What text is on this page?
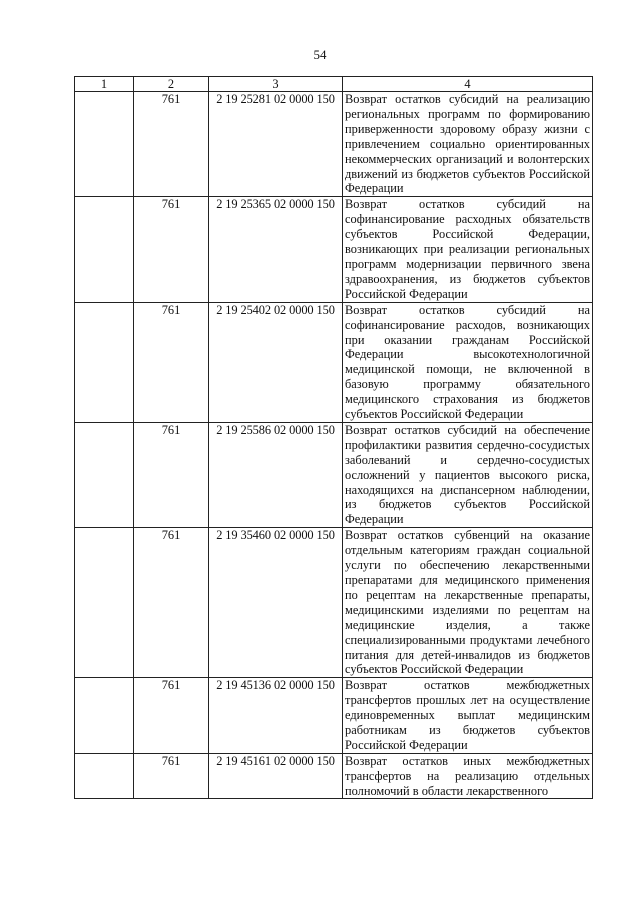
54
1	2	3	4
	761	2 19 25281 02 0000 150	Возврат остатков субсидий на реализацию региональных программ по формированию приверженности здоровому образу жизни с привлечением социально ориентированных некоммерческих организаций и волонтерских движений из бюджетов субъектов Российской Федерации

	761	2 19 25365 02 0000 150	Возврат остатков субсидий на софинансирование расходных обязательств субъектов Российской Федерации, возникающих при реализации региональных программ модернизации первичного звена здравоохранения, из бюджетов субъектов Российской Федерации

	761	2 19 25402 02 0000 150	Возврат остатков субсидий на софинансирование расходов, возникающих при оказании гражданам Российской Федерации высокотехнологичной медицинской помощи, не включенной в базовую программу обязательного медицинского страхования из бюджетов субъектов Российской Федерации

	761	2 19 25586 02 0000 150	Возврат остатков субсидий на обеспечение профилактики развития сердечно-сосудистых заболеваний и сердечно-сосудистых осложнений у пациентов высокого риска, находящихся на диспансерном наблюдении, из бюджетов субъектов Российской Федерации

	761	2 19 35460 02 0000 150	Возврат остатков субвенций на оказание отдельным категориям граждан социальной услуги по обеспечению лекарственными препаратами для медицинского применения по рецептам на лекарственные препараты, медицинскими изделиями по рецептам на медицинские изделия, а также специализированными продуктами лечебного питания для детей-инвалидов из бюджетов субъектов Российской Федерации

	761	2 19 45136 02 0000 150	Возврат остатков межбюджетных трансфертов прошлых лет на осуществление единовременных выплат медицинским работникам из бюджетов субъектов Российской Федерации

	761	2 19 45161 02 0000 150	Возврат остатков иных межбюджетных трансфертов на реализацию отдельных полномочий в области лекарственного
